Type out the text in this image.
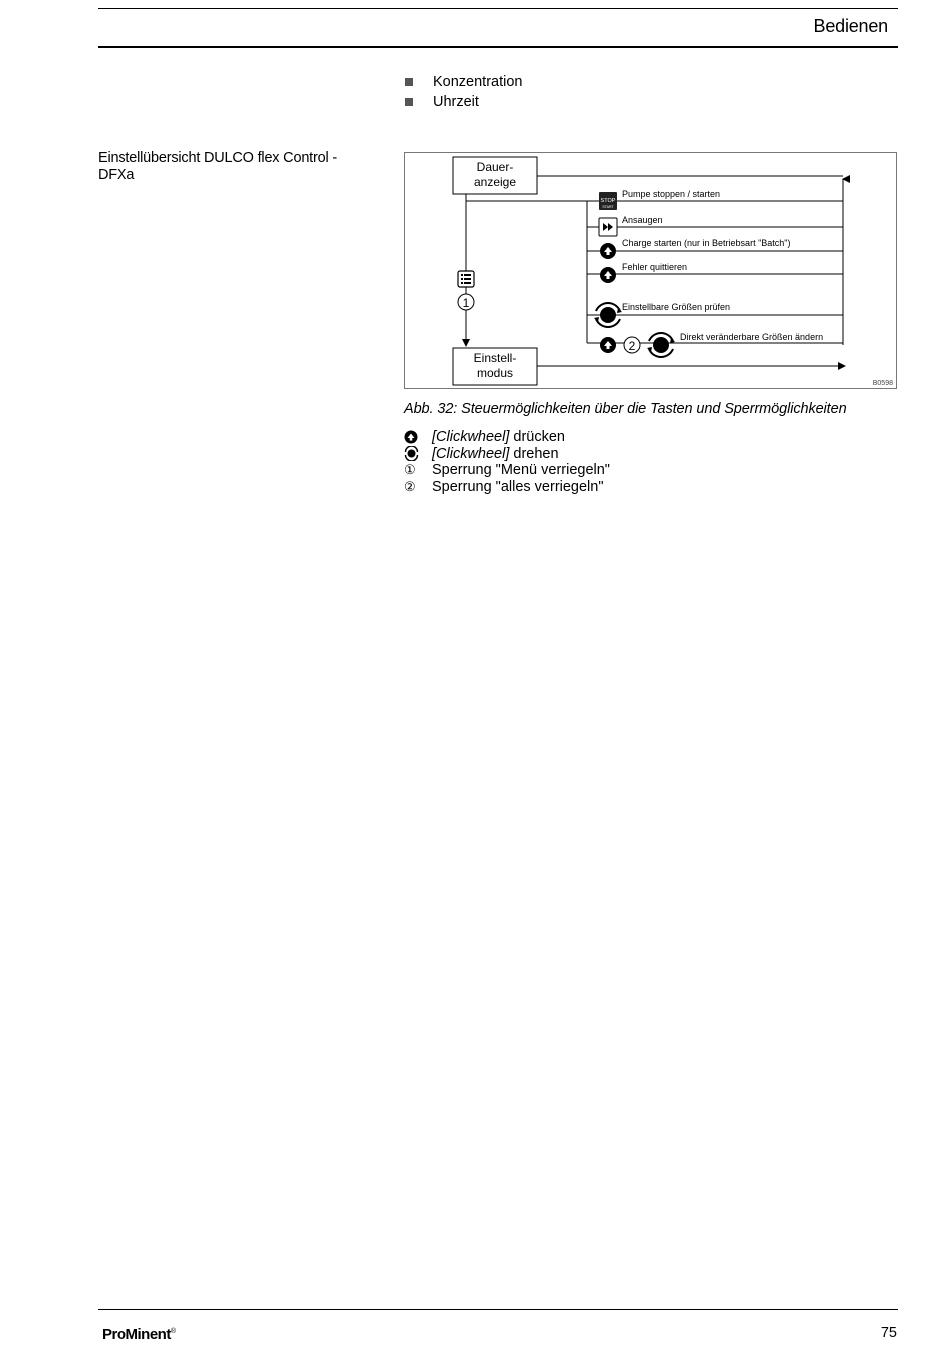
Bedienen
Konzentration
Uhrzeit
Einstellübersicht DULCO flex Control - DFXa	Dauer-
anzeige
Einstell-
modus
Pumpe stoppen / starten
Ansaugen
Charge starten (nur in Betriebsart "Batch")
Fehler quittieren
Einstellbare Größen prüfen
Direkt veränderbare Größen ändern
STOP
START
2
1
B0598
Abb. 32: Steuermöglichkeiten über die Tasten und Sperrmöglichkeiten
[Clickwheel] drücken
[Clickwheel] drehen
①	Sperrung "Menü verriegeln"
②	Sperrung "alles verriegeln"
ProMinent®	75
